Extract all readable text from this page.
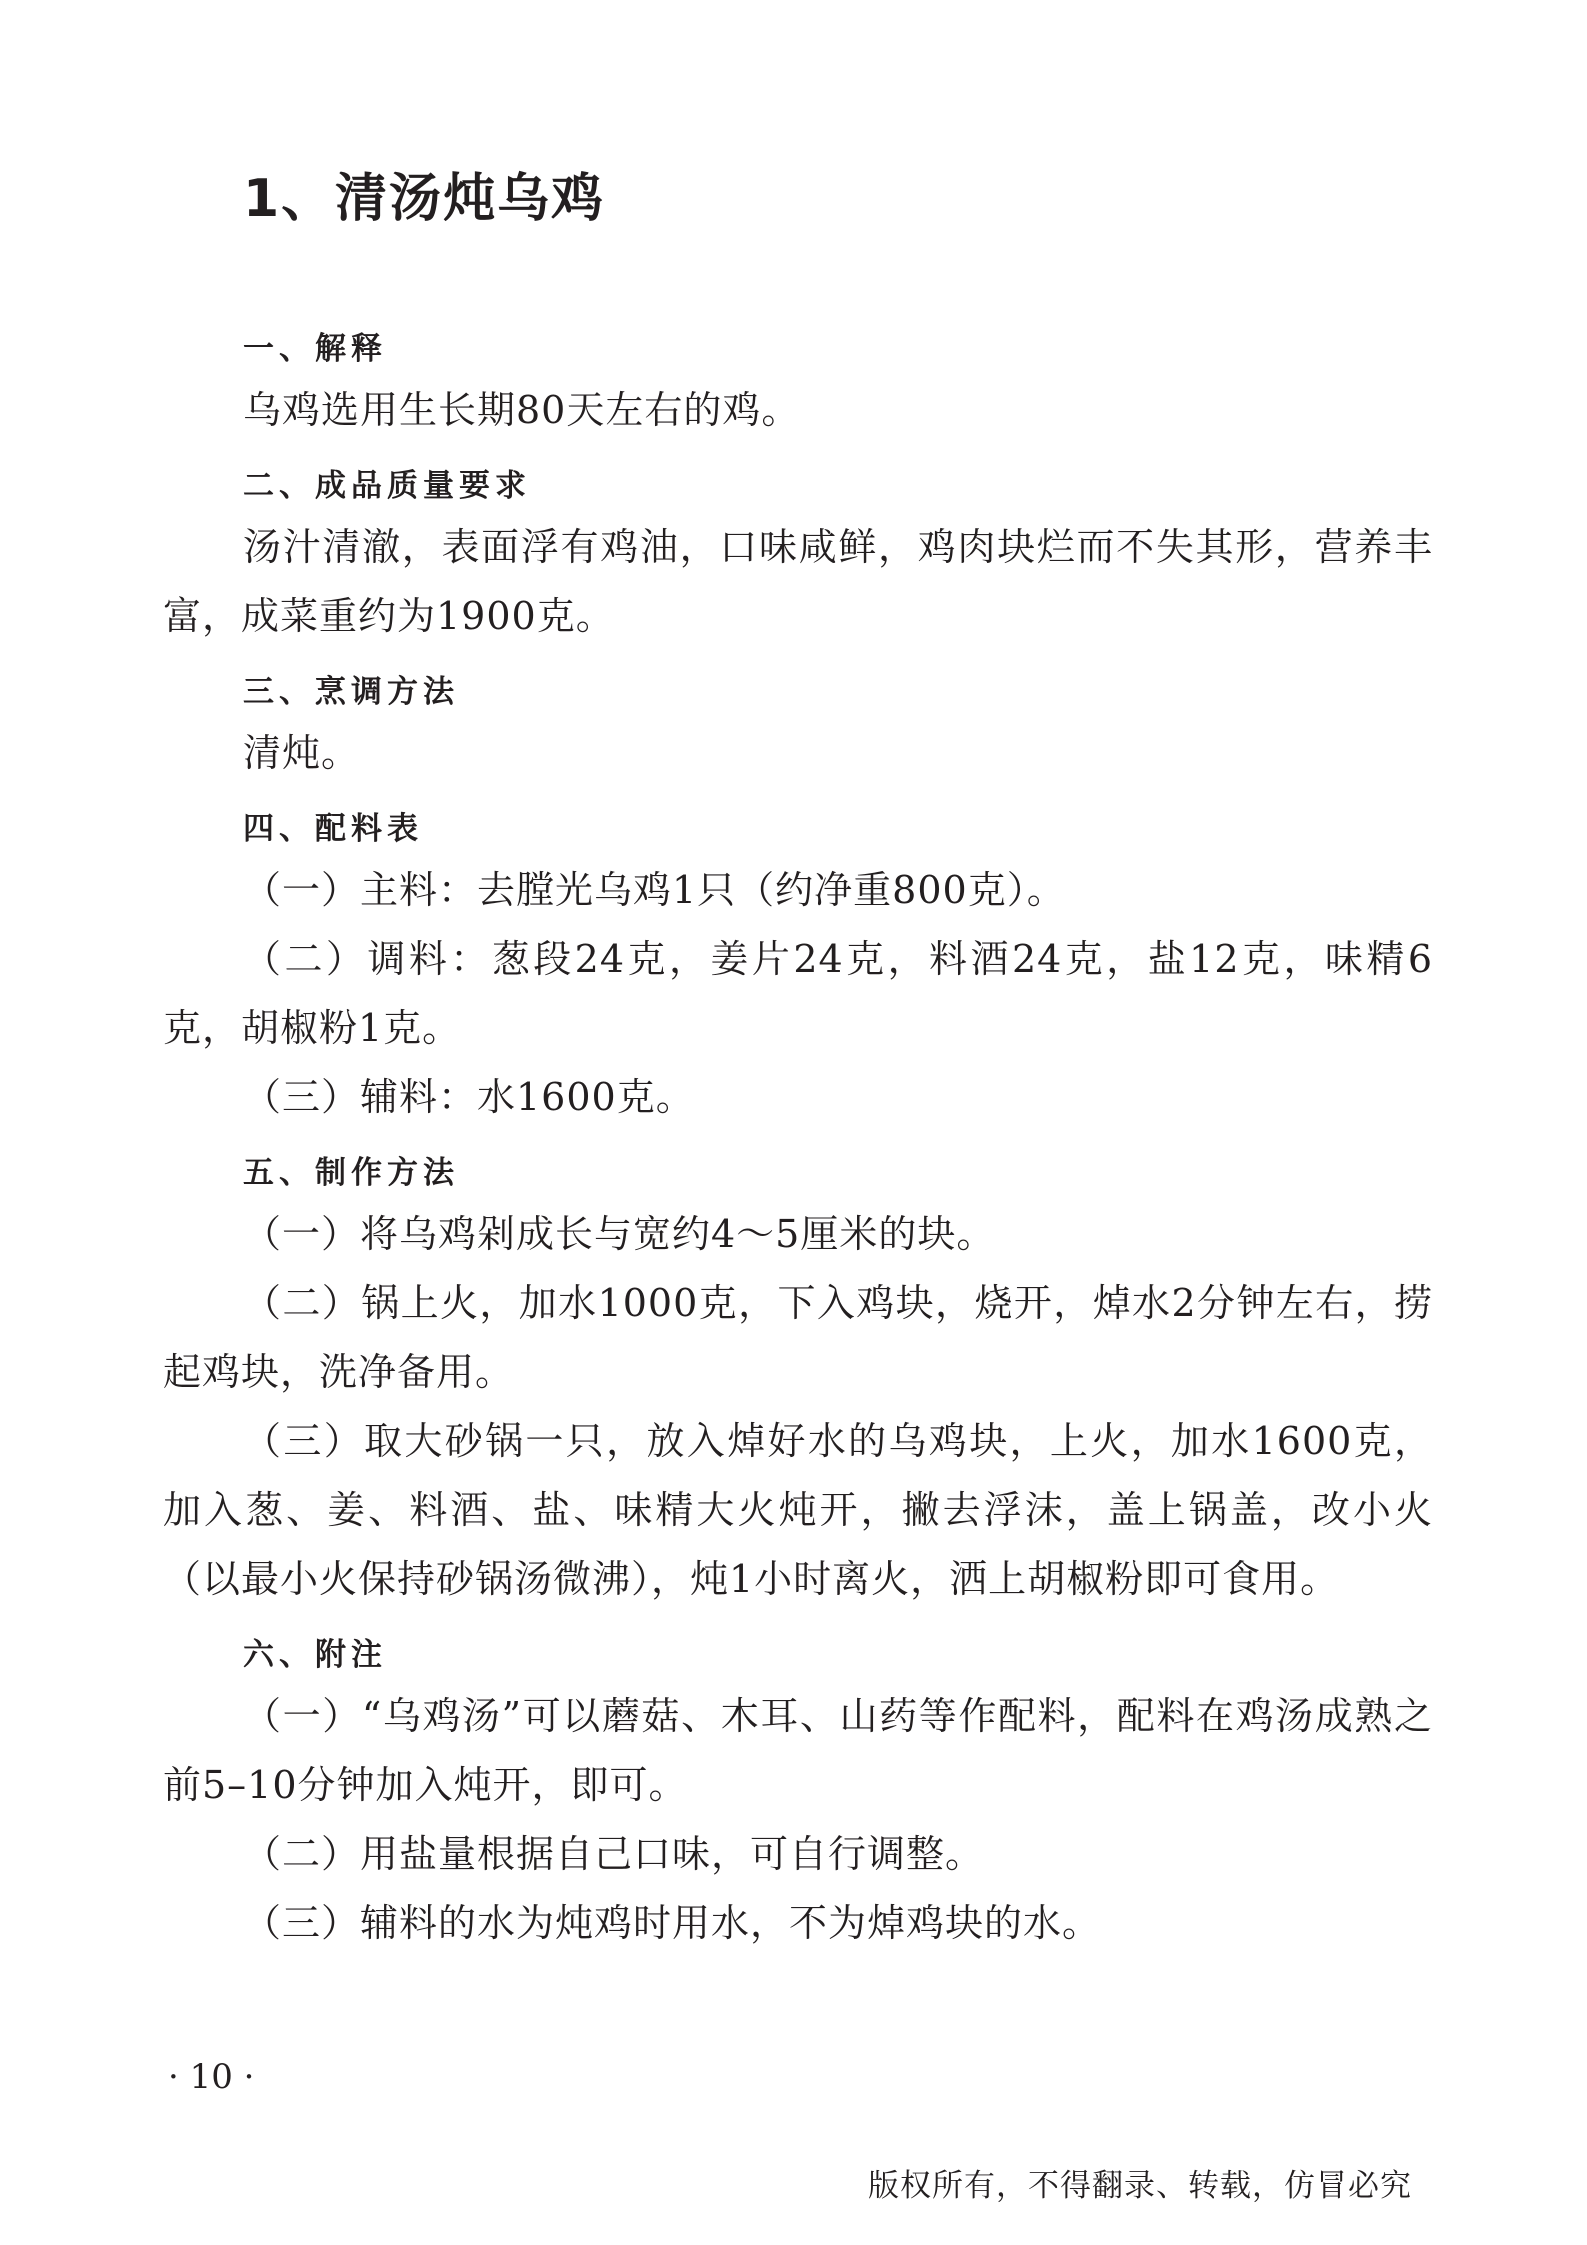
1、清汤炖乌鸡
一、解释

乌鸡选用生长期80天左右的鸡。

二、成品质量要求

汤汁清澈，表面浮有鸡油，口味咸鲜，鸡肉块烂而不失其形，营养丰富，成菜重约为1900克。

三、烹调方法

清炖。

四、配料表

（一）主料：去膛光乌鸡1只（约净重800克）。

（二）调料：葱段24克，姜片24克，料酒24克，盐12克，味精6克，胡椒粉1克。

（三）辅料：水1600克。

五、制作方法

（一）将乌鸡剁成长与宽约4～5厘米的块。

（二）锅上火，加水1000克，下入鸡块，烧开，焯水2分钟左右，捞起鸡块，洗净备用。

（三）取大砂锅一只，放入焯好水的乌鸡块，上火，加水1600克，加入葱、姜、料酒、盐、味精大火炖开，撇去浮沫，盖上锅盖，改小火（以最小火保持砂锅汤微沸），炖1小时离火，洒上胡椒粉即可食用。

六、附注

（一）“乌鸡汤”可以蘑菇、木耳、山药等作配料，配料在鸡汤成熟之前5–10分钟加入炖开，即可。

（二）用盐量根据自己口味，可自行调整。

（三）辅料的水为炖鸡时用水，不为焯鸡块的水。

· 10 ·
版权所有，不得翻录、转载，仿冒必究
